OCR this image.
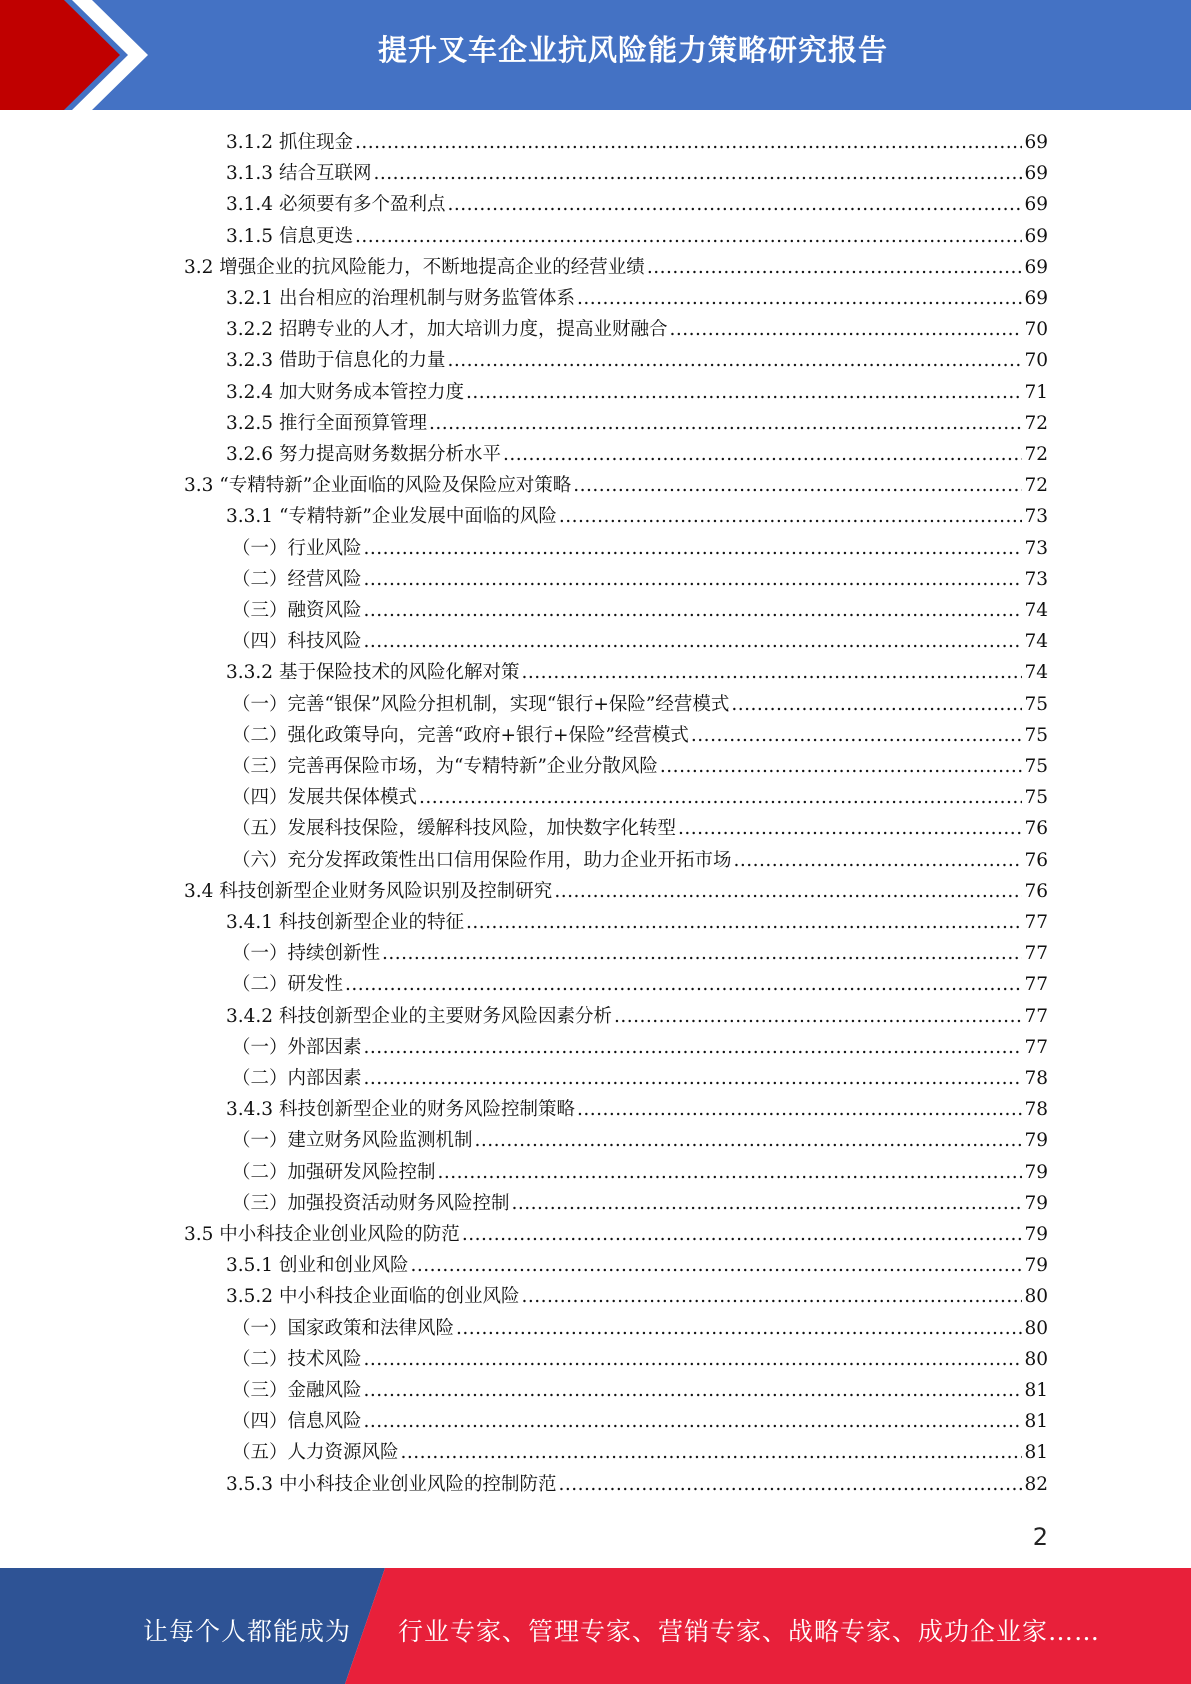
提升叉车企业抗风险能力策略研究报告
3.1.2 抓住现金 .....	69
3.1.3 结合互联网 .....	69
3.1.4 必须要有多个盈利点 .....	69
3.1.5 信息更迭 .....	69
3.2 增强企业的抗风险能力，不断地提高企业的经营业绩 .....	69
3.2.1 出台相应的治理机制与财务监管体系 .....	69
3.2.2 招聘专业的人才，加大培训力度，提高业财融合 .....	70
3.2.3 借助于信息化的力量 .....	70
3.2.4 加大财务成本管控力度 .....	71
3.2.5 推行全面预算管理 .....	72
3.2.6 努力提高财务数据分析水平 .....	72
3.3 “专精特新”企业面临的风险及保险应对策略 .....	72
3.3.1 “专精特新”企业发展中面临的风险 .....	73
（一）行业风险 .....	73
（二）经营风险 .....	73
（三）融资风险 .....	74
（四）科技风险 .....	74
3.3.2 基于保险技术的风险化解对策 .....	74
（一）完善“银保”风险分担机制，实现“银行+保险”经营模式 .....	75
（二）强化政策导向，完善“政府+银行+保险”经营模式 .....	75
（三）完善再保险市场，为“专精特新”企业分散风险 .....	75
（四）发展共保体模式 .....	75
（五）发展科技保险，缓解科技风险，加快数字化转型 .....	76
（六）充分发挥政策性出口信用保险作用，助力企业开拓市场 .....	76
3.4 科技创新型企业财务风险识别及控制研究 .....	76
3.4.1 科技创新型企业的特征 .....	77
（一）持续创新性 .....	77
（二）研发性 .....	77
3.4.2 科技创新型企业的主要财务风险因素分析 .....	77
（一）外部因素 .....	77
（二）内部因素 .....	78
3.4.3 科技创新型企业的财务风险控制策略 .....	78
（一）建立财务风险监测机制 .....	79
（二）加强研发风险控制 .....	79
（三）加强投资活动财务风险控制 .....	79
3.5 中小科技企业创业风险的防范 .....	79
3.5.1 创业和创业风险 .....	79
3.5.2 中小科技企业面临的创业风险 .....	80
（一）国家政策和法律风险 .....	80
（二）技术风险 .....	80
（三）金融风险 .....	81
（四）信息风险 .....	81
（五）人力资源风险 .....	81
3.5.3 中小科技企业创业风险的控制防范 .....	82
2
让每个人都能成为 行业专家、管理专家、营销专家、战略专家、成功企业家……
